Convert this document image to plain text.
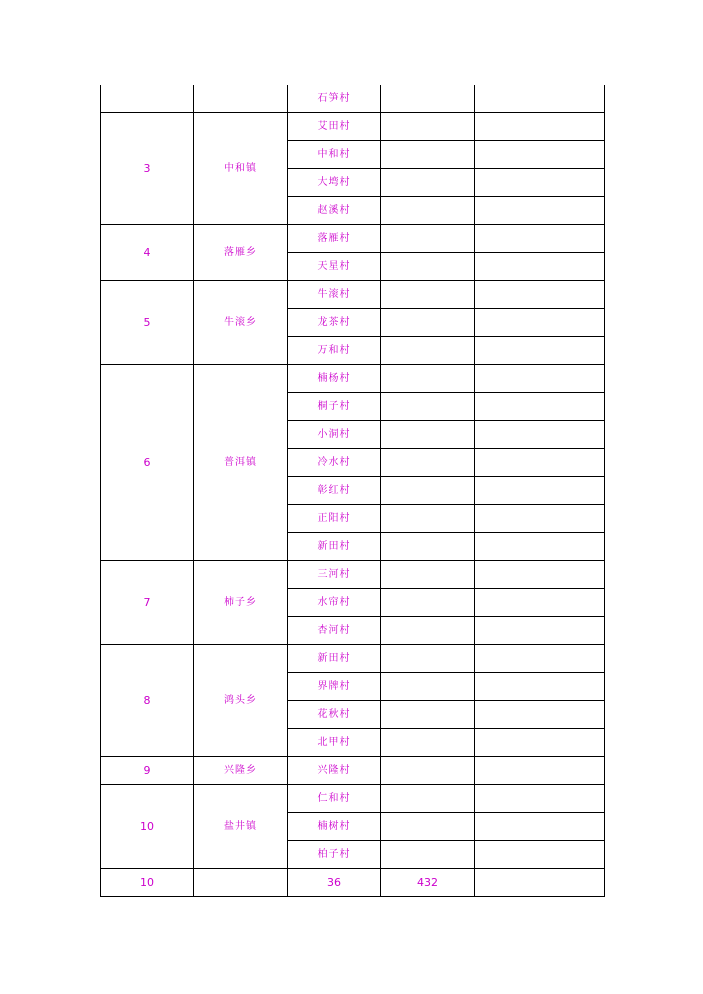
		石笋村		
3	中和镇	艾田村		
		中和村		
		大塆村		
		赵溪村		
4	落雁乡	落雁村		
		天星村		
5	牛滚乡	牛滚村		
		龙茶村		
		万和村		
6	普洱镇	楠杨村		
		桐子村		
		小洞村		
		冷水村		
		彰红村		
		正阳村		
		新田村		
7	柿子乡	三河村		
		水帘村		
		杏河村		
8	鸿头乡	新田村		
		界牌村		
		花秋村		
		北甲村		
9	兴隆乡	兴隆村		
10	盐井镇	仁和村		
		楠树村		
		柏子村		
10		36	432	
